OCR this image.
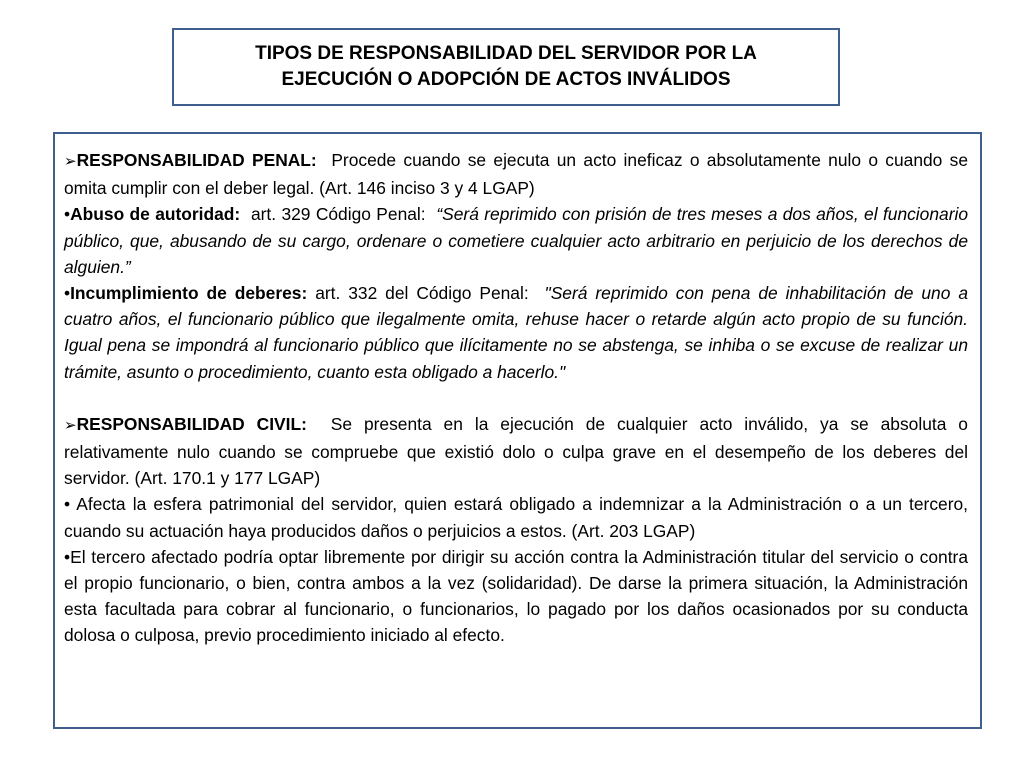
TIPOS DE RESPONSABILIDAD DEL SERVIDOR POR LA
EJECUCIÓN O ADOPCIÓN DE ACTOS INVÁLIDOS

➢RESPONSABILIDAD PENAL: Procede cuando se ejecuta un acto ineficaz o absolutamente nulo o cuando se omita cumplir con el deber legal. (Art. 146 inciso 3 y 4 LGAP)

•Abuso de autoridad: art. 329 Código Penal: “Será reprimido con prisión de tres meses a dos años, el funcionario público, que, abusando de su cargo, ordenare o cometiere cualquier acto arbitrario en perjuicio de los derechos de alguien.”

•Incumplimiento de deberes: art. 332 del Código Penal: "Será reprimido con pena de inhabilitación de uno a cuatro años, el funcionario público que ilegalmente omita, rehuse hacer o retarde algún acto propio de su función. Igual pena se impondrá al funcionario público que ilícitamente no se abstenga, se inhiba o se excuse de realizar un trámite, asunto o procedimiento, cuanto esta obligado a hacerlo."

➢RESPONSABILIDAD CIVIL: Se presenta en la ejecución de cualquier acto inválido, ya se absoluta o relativamente nulo cuando se compruebe que existió dolo o culpa grave en el desempeño de los deberes del servidor. (Art. 170.1 y 177 LGAP)

• Afecta la esfera patrimonial del servidor, quien estará obligado a indemnizar a la Administración o a un tercero, cuando su actuación haya producidos daños o perjuicios a estos. (Art. 203 LGAP)

•El tercero afectado podría optar libremente por dirigir su acción contra la Administración titular del servicio o contra el propio funcionario, o bien, contra ambos a la vez (solidaridad). De darse la primera situación, la Administración esta facultada para cobrar al funcionario, o funcionarios, lo pagado por los daños ocasionados por su conducta dolosa o culposa, previo procedimiento iniciado al efecto.
